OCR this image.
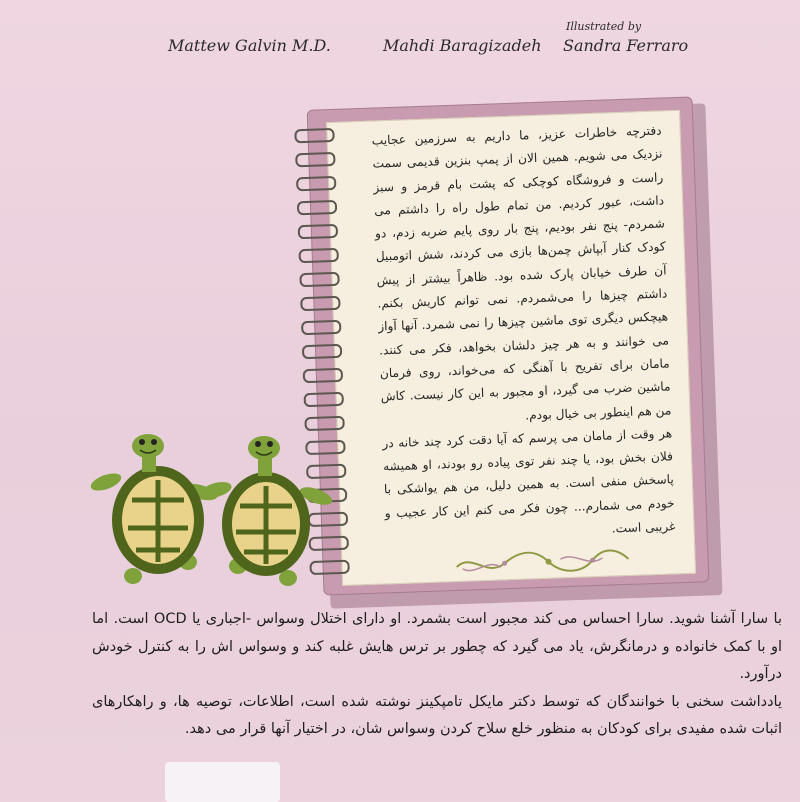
Mattew Galvin M.D.	Mahdi Baragizadeh
Illustrated by
Sandra Ferraro

دفترچه خاطرات عزیز، ما داریم به سرزمین عجایب نزدیک می شویم. همین الان از پمپ بنزین قدیمی سمت راست و فروشگاه کوچکی که پشت بام قرمز و سبز داشت، عبور کردیم. من تمام طول راه را داشتم می شمردم- پنج نفر بودیم، پنج بار روی پایم ضربه زدم، دو کودک کنار آبپاش چمن‌ها بازی می کردند، شش اتومبیل آن طرف خیابان پارک شده بود. ظاهراً بیشتر از پیش داشتم چیزها را می‌شمردم. نمی توانم کاریش بکنم. هیچکس دیگری توی ماشین چیزها را نمی شمرد. آنها آواز می خوانند و به هر چیز دلشان بخواهد، فکر می کنند. مامان برای تفریح با آهنگی که می‌خواند، روی فرمان ماشین ضرب می گیرد، او مجبور به این کار نیست. کاش من هم اینطور بی خیال بودم.

هر وقت از مامان می پرسم که آیا دقت کرد چند خانه در فلان بخش بود، یا چند نفر توی پیاده رو بودند، او همیشه پاسخش منفی است. به همین دلیل، من هم یواشکی با خودم می شمارم... چون فکر می کنم این کار عجیب و غریبی است.

با سارا آشنا شوید. سارا احساس می کند مجبور است بشمرد. او دارای اختلال وسواس -اجباری یا OCD است. اما او با کمک خانواده و درمانگرش، یاد می گیرد که چطور بر ترس هایش غلبه کند و وسواس اش را به کنترل خودش درآورد.

یادداشت سخنی با خوانندگان که توسط دکتر مایکل تامپکینز نوشته شده است، اطلاعات، توصیه ها، و راهکارهای اثبات شده مفیدی برای کودکان به منظور خلع سلاح کردن وسواس شان، در اختیار آنها قرار می دهد.
